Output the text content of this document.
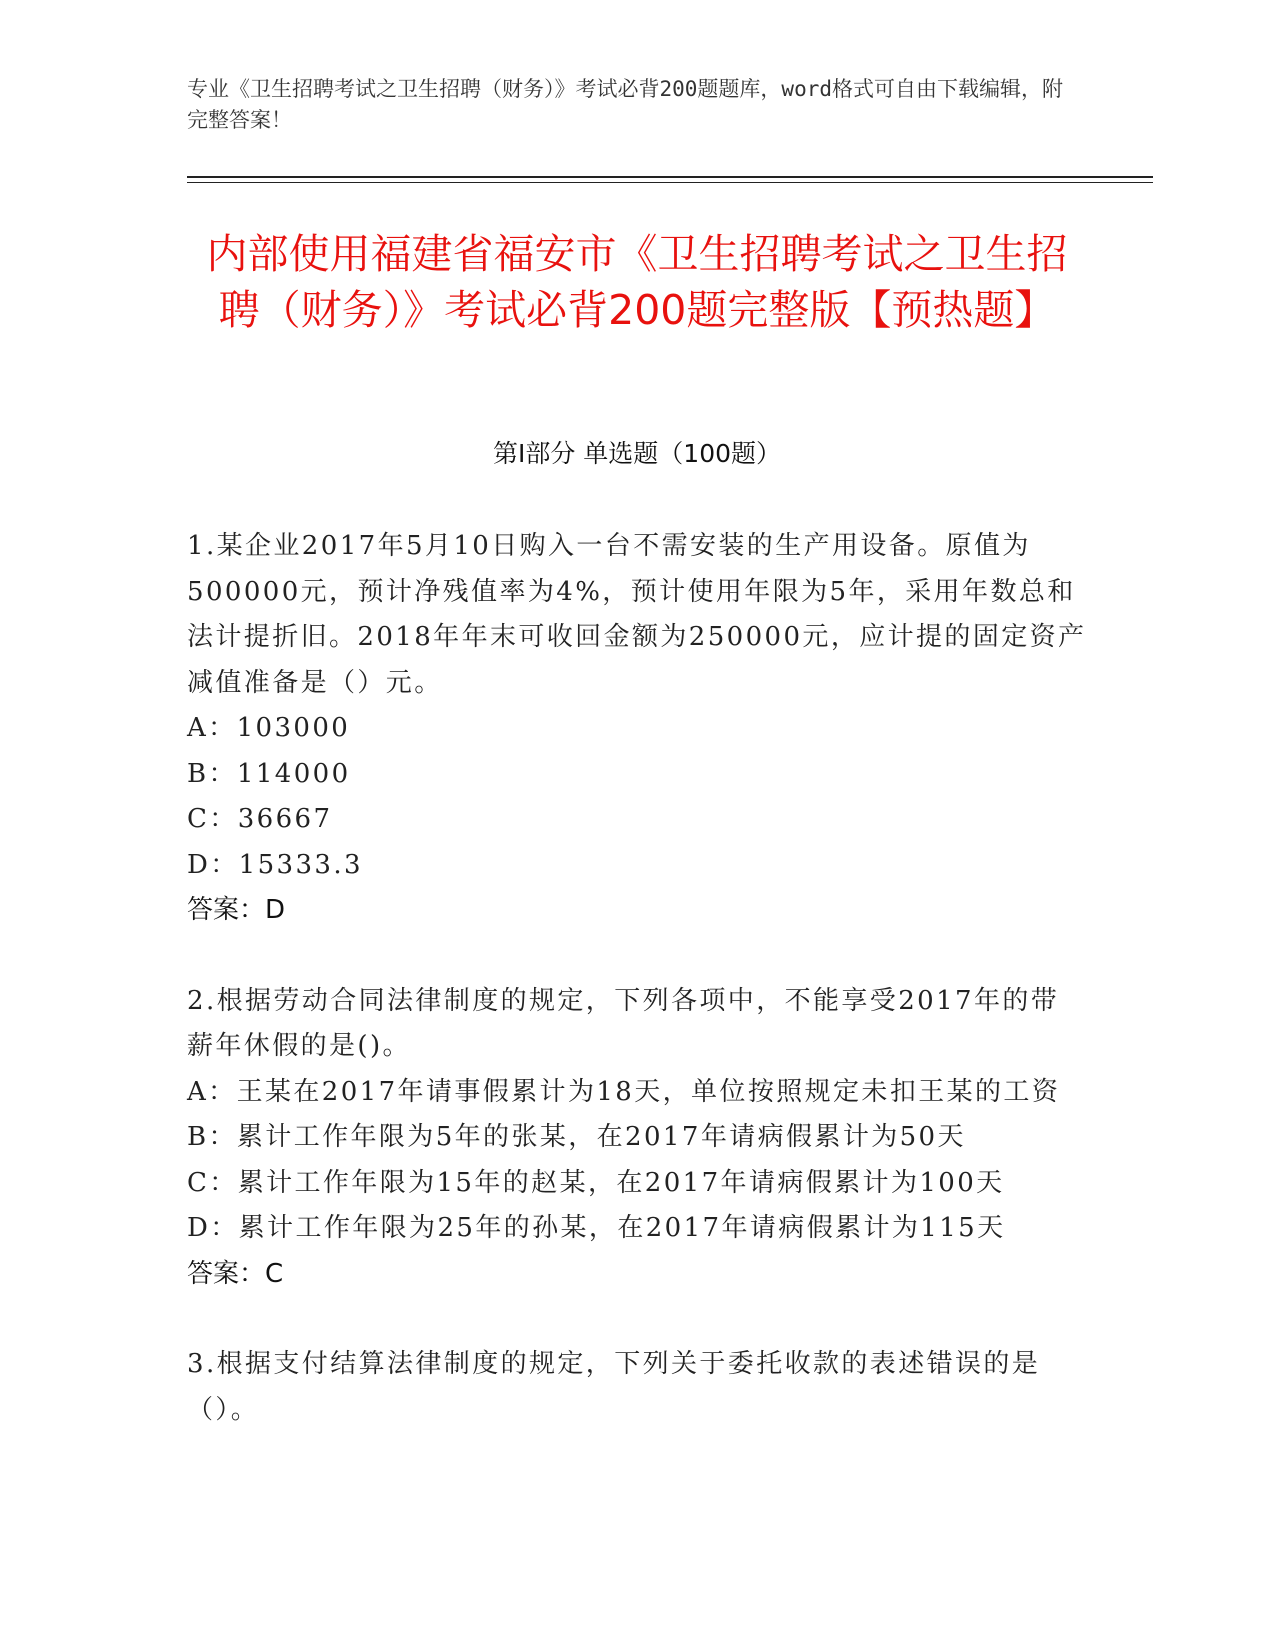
专业《卫生招聘考试之卫生招聘（财务）》考试必背200题题库，word格式可自由下载编辑，附完整答案！
内部使用福建省福安市《卫生招聘考试之卫生招聘（财务）》考试必背200题完整版【预热题】
第I部分 单选题（100题）

1.某企业2017年5月10日购入一台不需安装的生产用设备。原值为500000元，预计净残值率为4%，预计使用年限为5年，采用年数总和法计提折旧。2018年年末可收回金额为250000元，应计提的固定资产减值准备是（）元。

A：103000

B：114000

C：36667

D：15333.3

答案：D

2.根据劳动合同法律制度的规定，下列各项中，不能享受2017年的带薪年休假的是()。

A：王某在2017年请事假累计为18天，单位按照规定未扣王某的工资

B：累计工作年限为5年的张某，在2017年请病假累计为50天

C：累计工作年限为15年的赵某，在2017年请病假累计为100天

D：累计工作年限为25年的孙某，在2017年请病假累计为115天

答案：C

3.根据支付结算法律制度的规定，下列关于委托收款的表述错误的是（）。
